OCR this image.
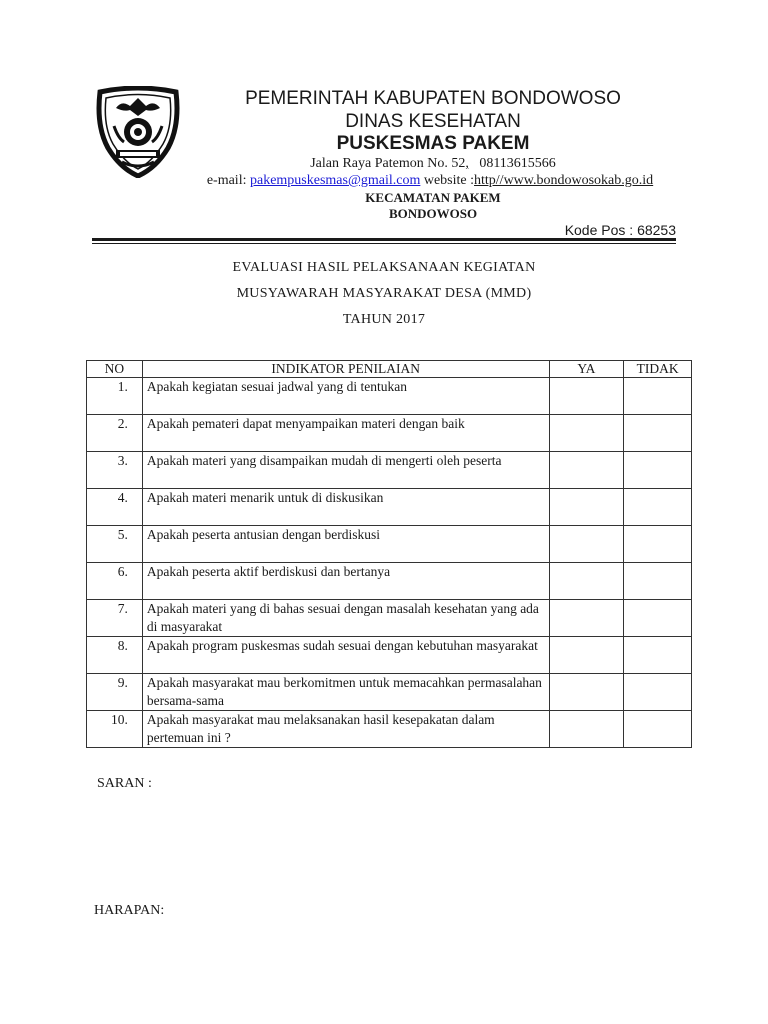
PEMERINTAH KABUPATEN BONDOWOSO
DINAS KESEHATAN
PUSKESMAS PAKEM
Jalan Raya Patemon No. 52, 08113615566
e-mail: pakempuskesmas@gmail.com website :http//www.bondowosokab.go.id
KECAMATAN PAKEM
BONDOWOSO
Kode Pos : 68253
EVALUASI HASIL PELAKSANAAN KEGIATAN
MUSYAWARAH MASYARAKAT DESA (MMD)
TAHUN 2017
NO	INDIKATOR PENILAIAN	YA	TIDAK
1.	Apakah kegiatan sesuai jadwal yang di tentukan		
2.	Apakah pemateri dapat menyampaikan materi dengan baik		
3.	Apakah materi yang disampaikan mudah di mengerti oleh peserta		
4.	Apakah materi menarik untuk di diskusikan		
5.	Apakah peserta antusian dengan berdiskusi		
6.	Apakah peserta aktif berdiskusi dan bertanya		
7.	Apakah materi yang di bahas sesuai dengan masalah kesehatan yang ada di masyarakat		
8.	Apakah program puskesmas sudah sesuai dengan kebutuhan masyarakat		
9.	Apakah masyarakat mau berkomitmen untuk memacahkan permasalahan bersama-sama		
10.	Apakah masyarakat mau melaksanakan hasil kesepakatan dalam pertemuan ini ?		
SARAN :
HARAPAN:
